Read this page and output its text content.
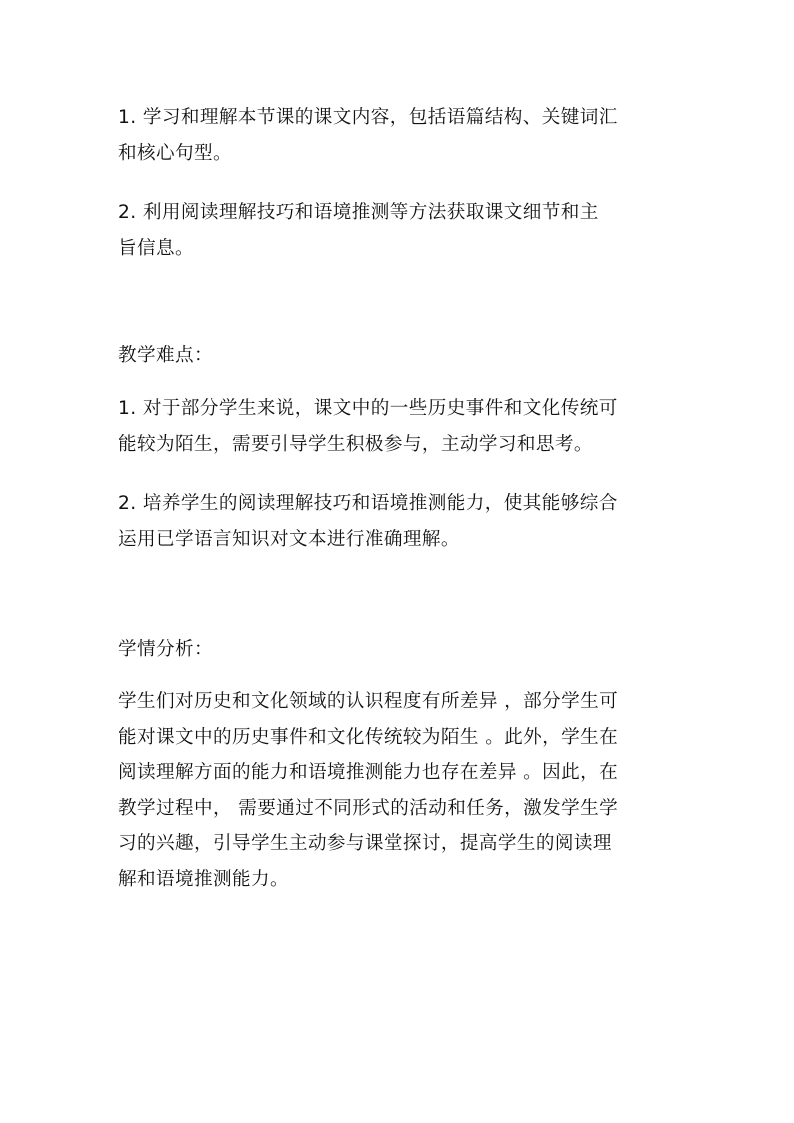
1. 学习和理解本节课的课文内容，包括语篇结构、关键词汇
和核心句型。

2. 利用阅读理解技巧和语境推测等方法获取课文细节和主
旨信息。

教学难点：

1. 对于部分学生来说，课文中的一些历史事件和文化传统可
能较为陌生，需要引导学生积极参与，主动学习和思考。

2. 培养学生的阅读理解技巧和语境推测能力，使其能够综合
运用已学语言知识对文本进行准确理解。

学情分析：

学生们对历史和文化领域的认识程度有所差异 ，部分学生可
能对课文中的历史事件和文化传统较为陌生 。此外，学生在
阅读理解方面的能力和语境推测能力也存在差异 。因此，在
教学过程中， 需要通过不同形式的活动和任务，激发学生学
习的兴趣，引导学生主动参与课堂探讨，提高学生的阅读理
解和语境推测能力。
